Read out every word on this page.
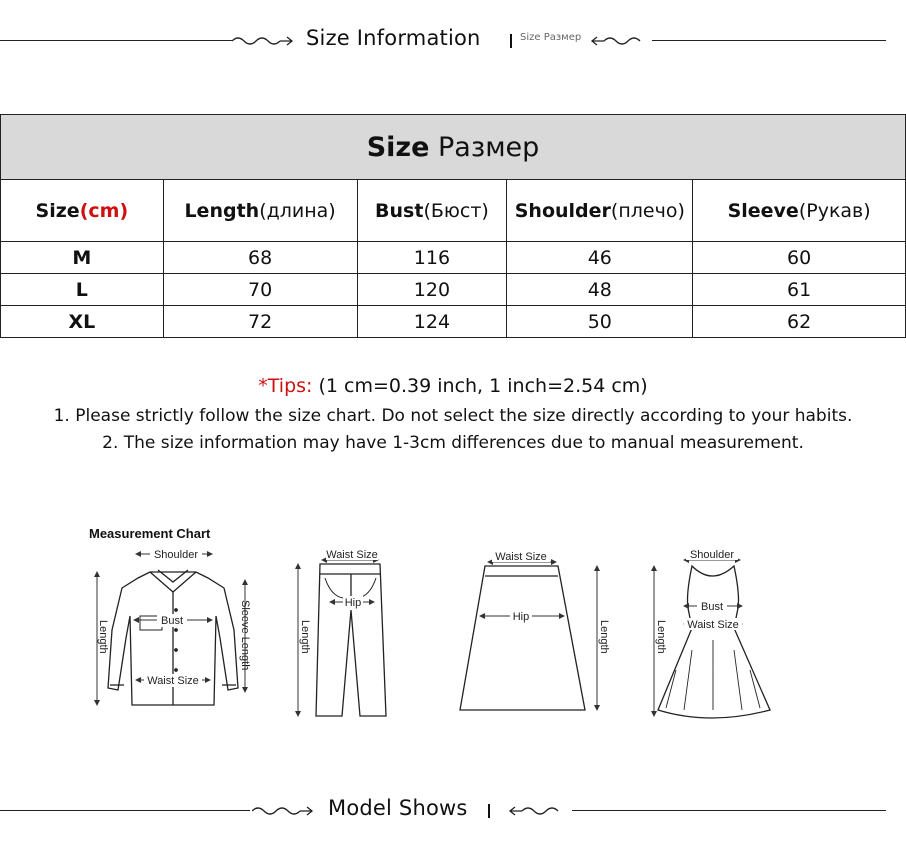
Size Information	Size Размер
Size Размер				
Size(cm)	Length(длина)	Bust(Бюст)	Shoulder(плечо)	Sleeve(Рукав)
M	68	116	46	60
L	70	120	48	61
XL	72	124	50	62
*Tips: (1 cm=0.39 inch, 1 inch=2.54 cm)
1. Please strictly follow the size chart. Do not select the size directly according to your habits.
2. The size information may have 1-3cm differences due to manual measurement.
Measurement Chart
Shoulder
Bust
Waist Size
Length	Sleeve Length
Waist Size
Hip
Length
Waist Size
Hip
Length
Shoulder
Bust
Waist Size
Length
Model Shows
